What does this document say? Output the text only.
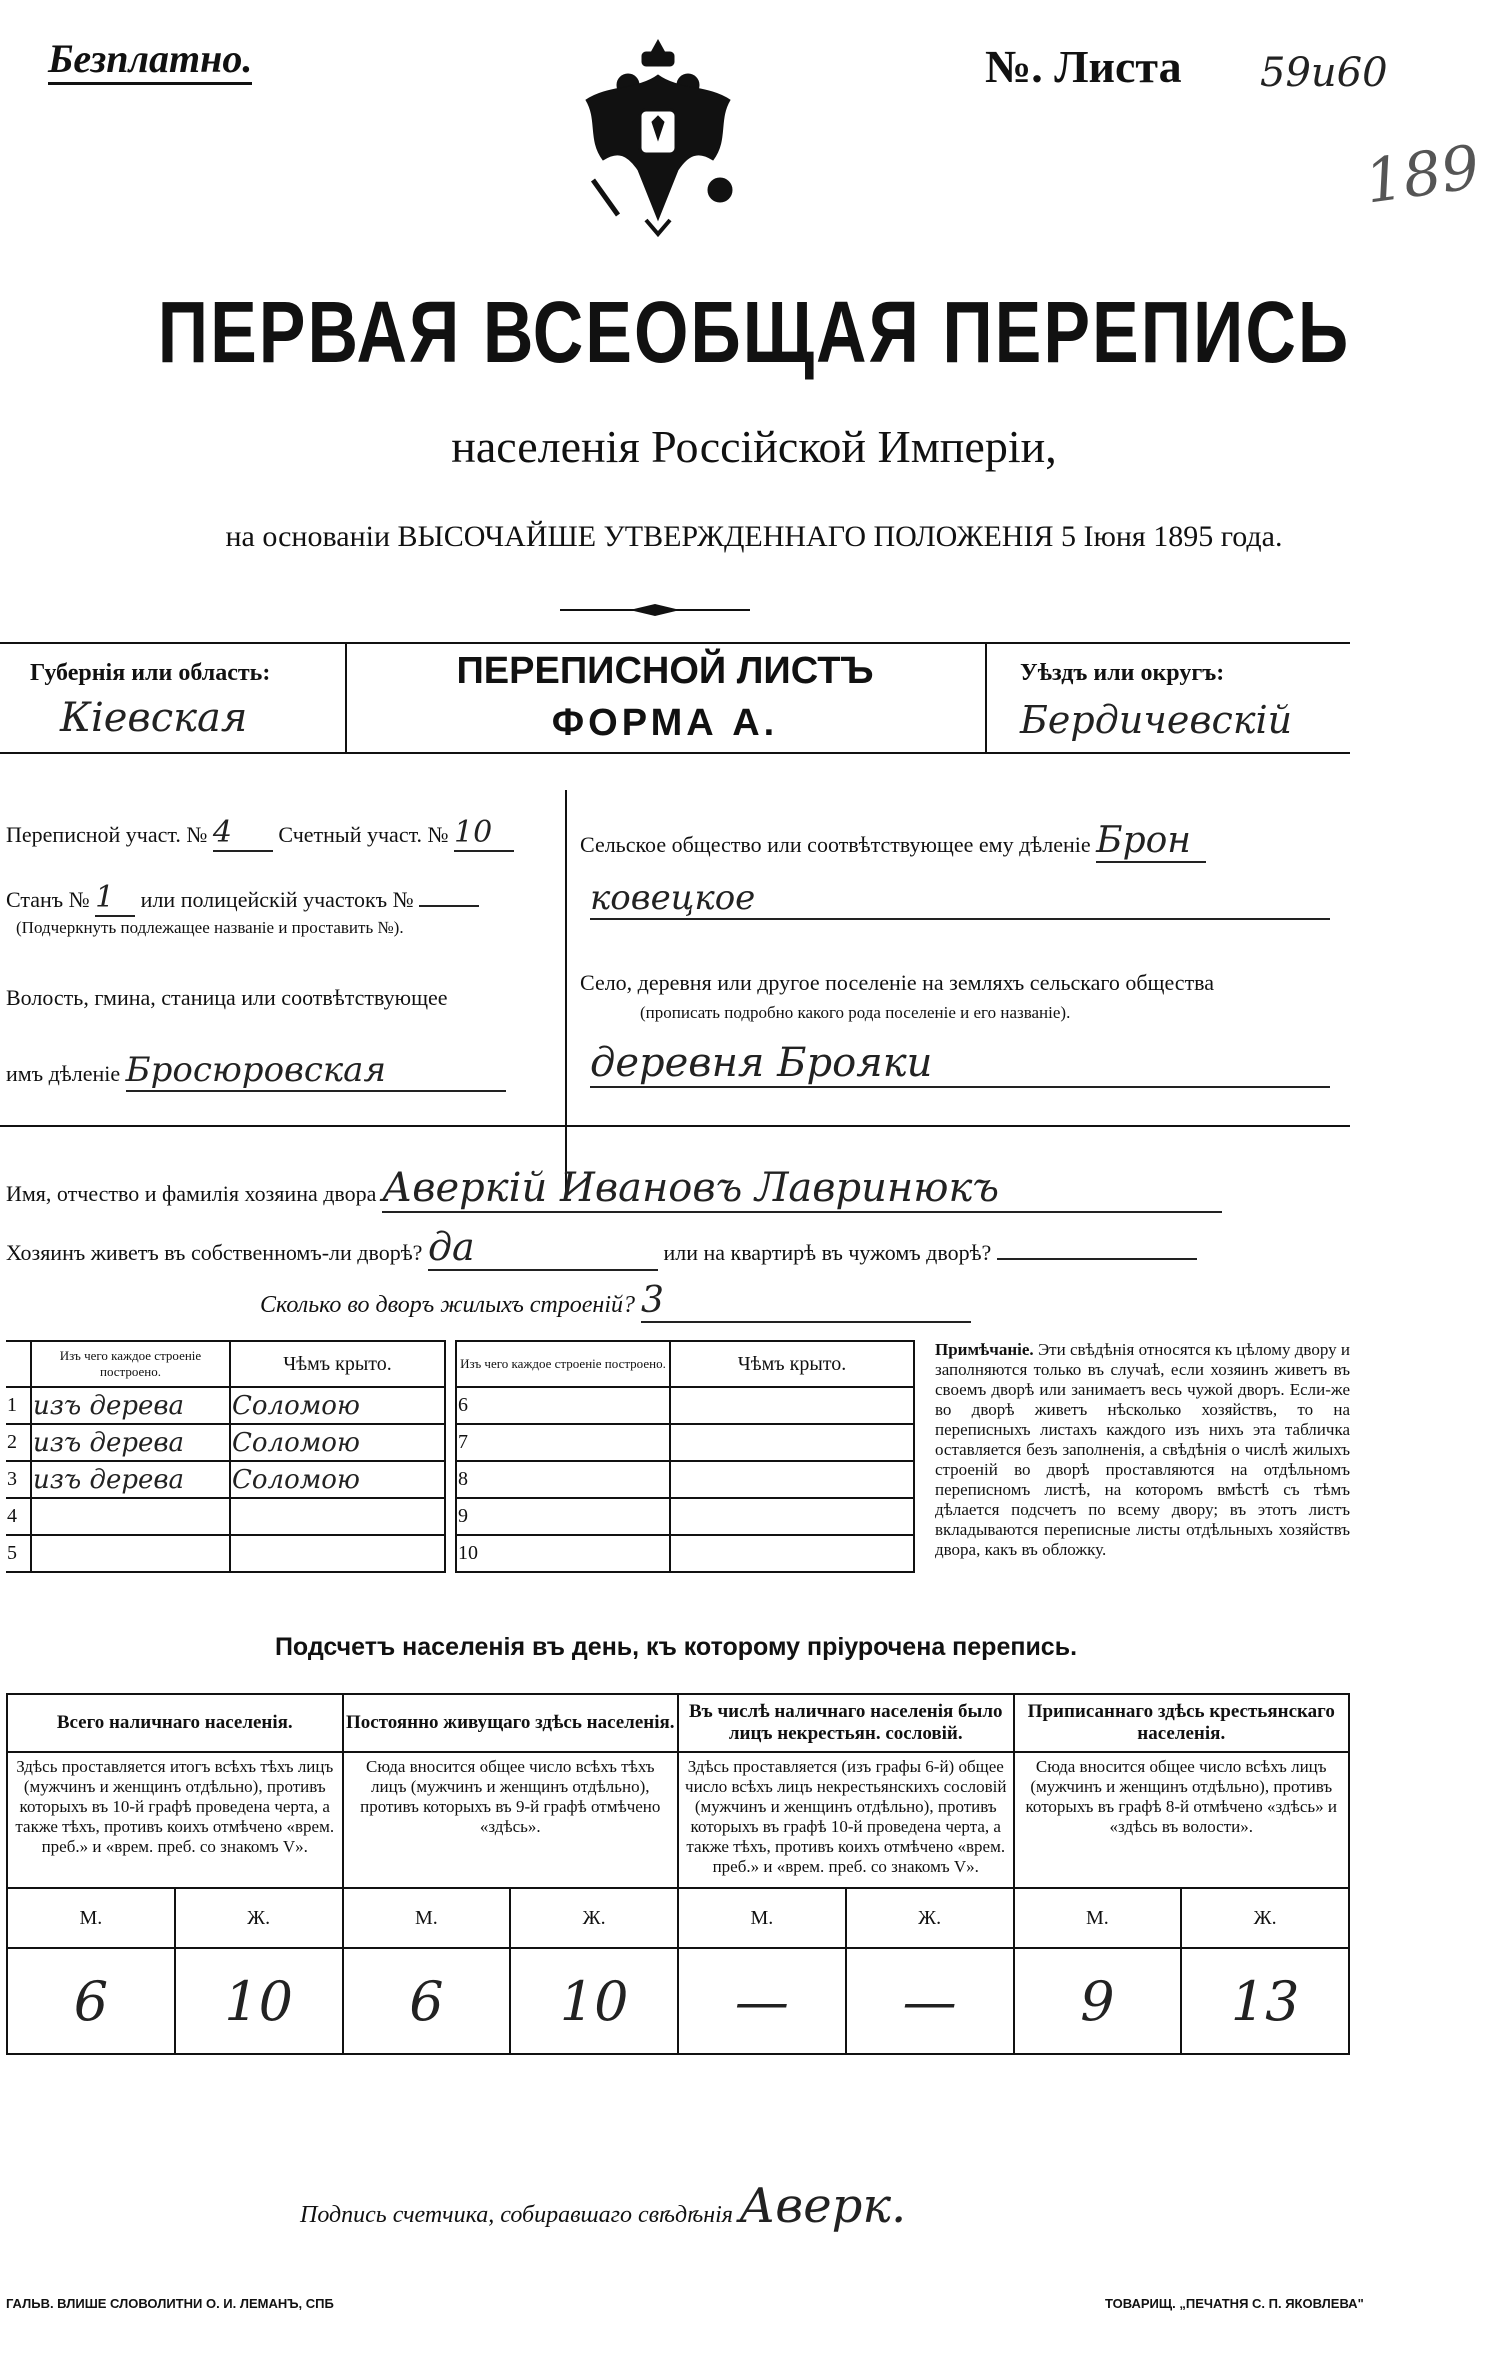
Безплатно.	№. Листа 59и60
189
ПЕРВАЯ ВСЕОБЩАЯ ПЕРЕПИСЬ
населенія Россійской Имперіи,
на основаніи ВЫСОЧАЙШЕ УТВЕРЖДЕННАГО ПОЛОЖЕНІЯ 5 Іюня 1895 года.
Губернія или область:
Кіевская
ПЕРЕПИСНОЙ ЛИСТЪ
ФОРМА А.
Уѣздъ или округъ:
Бердичевскій
Переписной участ. № 4 Счетный участ. № 10
Станъ № 1 или полицейскій участокъ №
(Подчеркнуть подлежащее названіе и проставить №).
Волость, гмина, станица или соотвѣтствующее
имъ дѣленіе Бросюровская
Сельское общество или соотвѣтствующее ему дѣленіе Брон
ковецкое
Село, деревня или другое поселеніе на земляхъ сельскаго общества
(прописать подробно какого рода поселеніе и его названіе).
деревня Брояки
Имя, отчество и фамилія хозяина двора Аверкій Ивановъ Лавринюкъ
Хозяинъ живетъ въ собственномъ-ли дворѣ? да	или на квартирѣ въ чужомъ дворѣ?
Сколько во дворъ жилыхъ строеній? 3
	Изъ чего каждое строеніе построено.	Чѣмъ крыто.
1	изъ дерева	Соломою
2	изъ дерева	Соломою
3	изъ дерева	Соломою
4		
5		
Изъ чего каждое строеніе построено.	Чѣмъ крыто.
6	
7	
8	
9	
10	
Примѣчаніе. Эти свѣдѣнія относятся къ цѣлому двору и заполняются только въ случаѣ, если хозяинъ живетъ въ своемъ дворѣ или занимаетъ весь чужой дворъ. Если-же во дворѣ живетъ нѣсколько хозяйствъ, то на переписныхъ листахъ каждого изъ нихъ эта табличка оставляется безъ заполненія, а свѣдѣнія о числѣ жилыхъ строеній во дворѣ проставляются на отдѣльномъ переписномъ листѣ, на которомъ вмѣстѣ съ тѣмъ дѣлается подсчетъ по всему двору; въ этотъ листъ вкладываются переписные листы отдѣльныхъ хозяйствъ двора, какъ въ обложку.
Подсчетъ населенія въ день, къ которому пріурочена перепись.
Всего наличнаго населенія.		Постоянно живущаго здѣсь населенія.		Въ числѣ наличнаго населенія было лицъ некрестьян. сословій.		Приписаннаго здѣсь крестьянскаго населенія.	
Здѣсь проставляется итогъ всѣхъ тѣхъ лицъ (мужчинъ и женщинъ отдѣльно), противъ которыхъ въ 10-й графѣ проведена черта, а также тѣхъ, противъ коихъ отмѣчено «врем. преб.» и «врем. преб. со знакомъ V».		Сюда вносится общее число всѣхъ тѣхъ лицъ (мужчинъ и женщинъ отдѣльно), противъ которыхъ въ 9-й графѣ отмѣчено «здѣсь».		Здѣсь проставляется (изъ графы 6-й) общее число всѣхъ лицъ некрестьянскихъ сословій (мужчинъ и женщинъ отдѣльно), противъ которыхъ въ графѣ 10-й проведена черта, а также тѣхъ, противъ коихъ отмѣчено «врем. преб.» и «врем. преб. со знакомъ V».		Сюда вносится общее число всѣхъ лицъ (мужчинъ и женщинъ отдѣльно), противъ которыхъ въ графѣ 8-й отмѣчено «здѣсь» и «здѣсь въ волости».	
М.	Ж.	М.	Ж.	М.	Ж.	М.	Ж.
6	10	6	10	—	—	9	13
Подпись счетчика, собиравшаго свѣдѣнія Аверк.
ГАЛЬВ. ВЛИШЕ СЛОВОЛИТНИ О. И. ЛЕМАНЪ, СПБ	ТОВАРИЩ. „ПЕЧАТНЯ С. П. ЯКОВЛЕВА"
